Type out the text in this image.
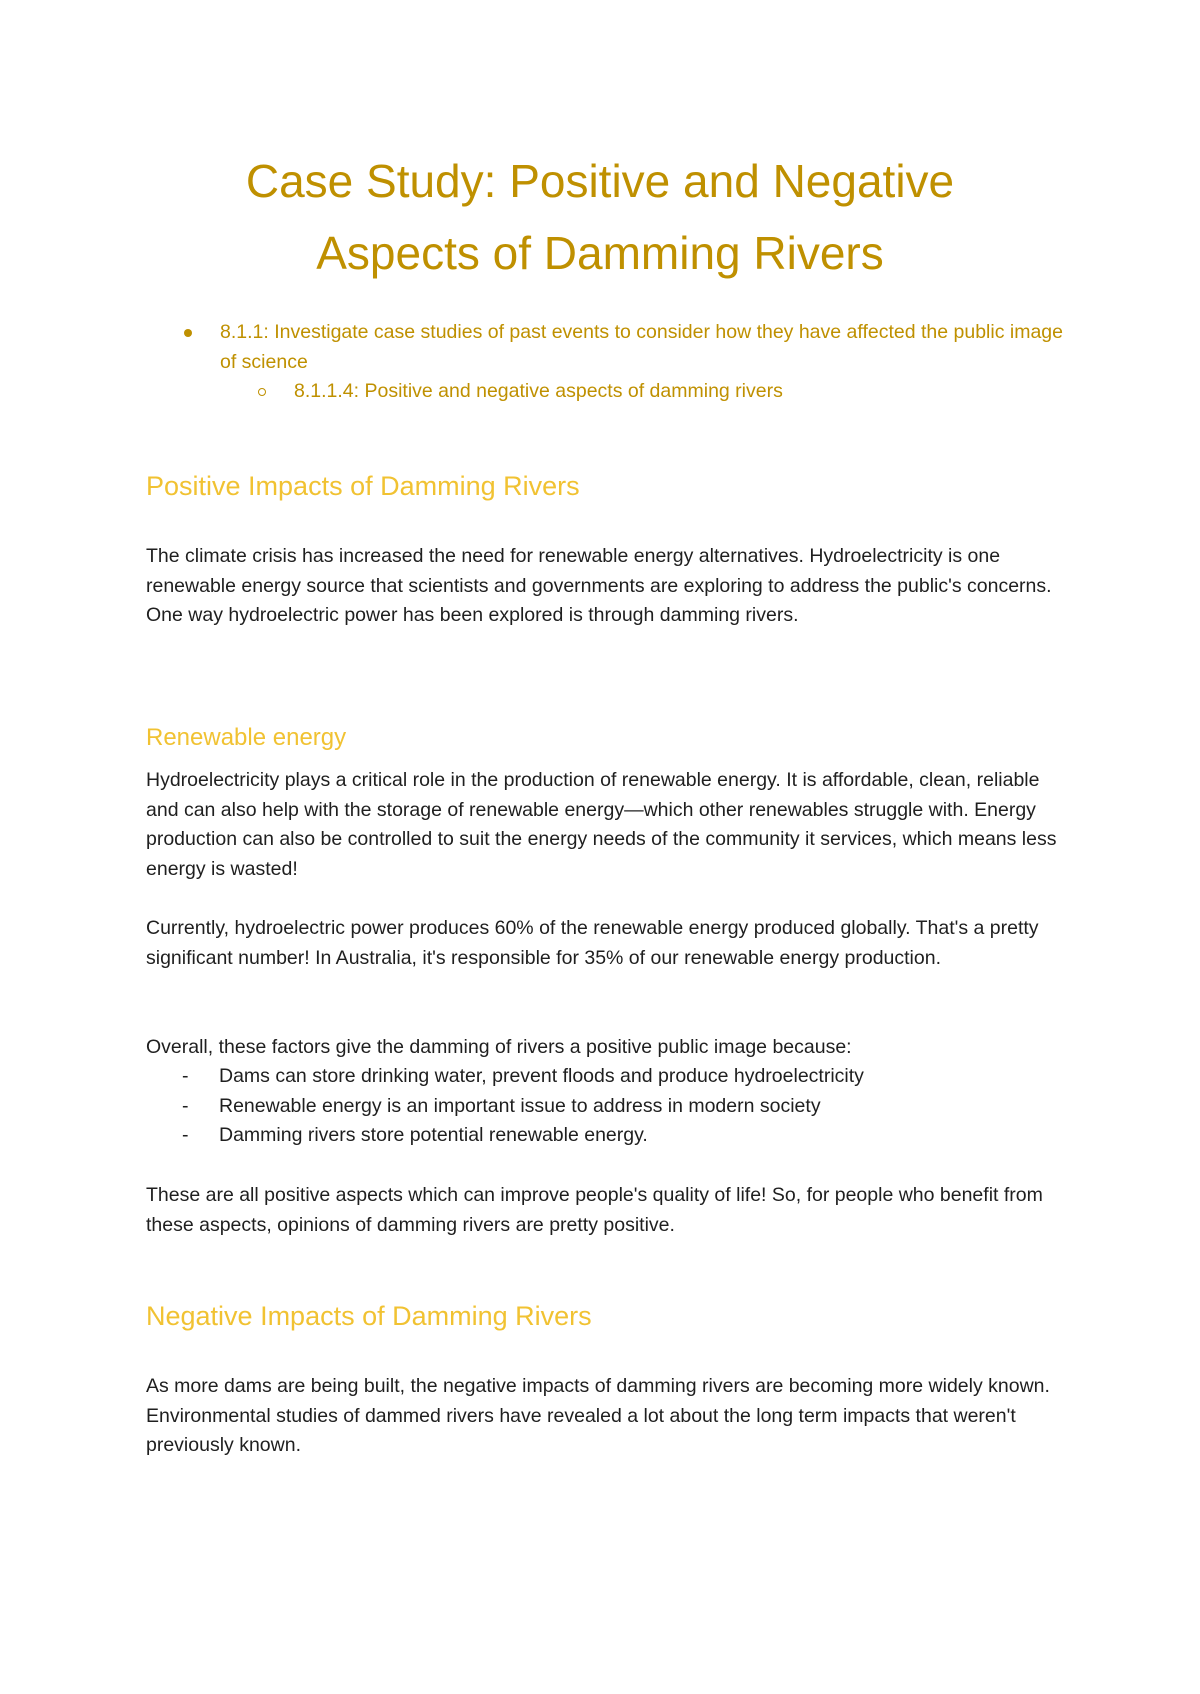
Case Study: Positive and Negative
Aspects of Damming Rivers
8.1.1: Investigate case studies of past events to consider how they have affected the public image of science
8.1.1.4: Positive and negative aspects of damming rivers
Positive Impacts of Damming Rivers

The climate crisis has increased the need for renewable energy alternatives. Hydroelectricity is one renewable energy source that scientists and governments are exploring to address the public's concerns. One way hydroelectric power has been explored is through damming rivers.

Renewable energy

Hydroelectricity plays a critical role in the production of renewable energy. It is affordable, clean, reliable and can also help with the storage of renewable energy—which other renewables struggle with. Energy production can also be controlled to suit the energy needs of the community it services, which means less energy is wasted!

Currently, hydroelectric power produces 60% of the renewable energy produced globally. That's a pretty significant number! In Australia, it's responsible for 35% of our renewable energy production.

Overall, these factors give the damming of rivers a positive public image because:

- Dams can store drinking water, prevent floods and produce hydroelectricity
- Renewable energy is an important issue to address in modern society
- Damming rivers store potential renewable energy.

These are all positive aspects which can improve people's quality of life! So, for people who benefit from these aspects, opinions of damming rivers are pretty positive.

Negative Impacts of Damming Rivers

As more dams are being built, the negative impacts of damming rivers are becoming more widely known. Environmental studies of dammed rivers have revealed a lot about the long term impacts that weren't previously known.
